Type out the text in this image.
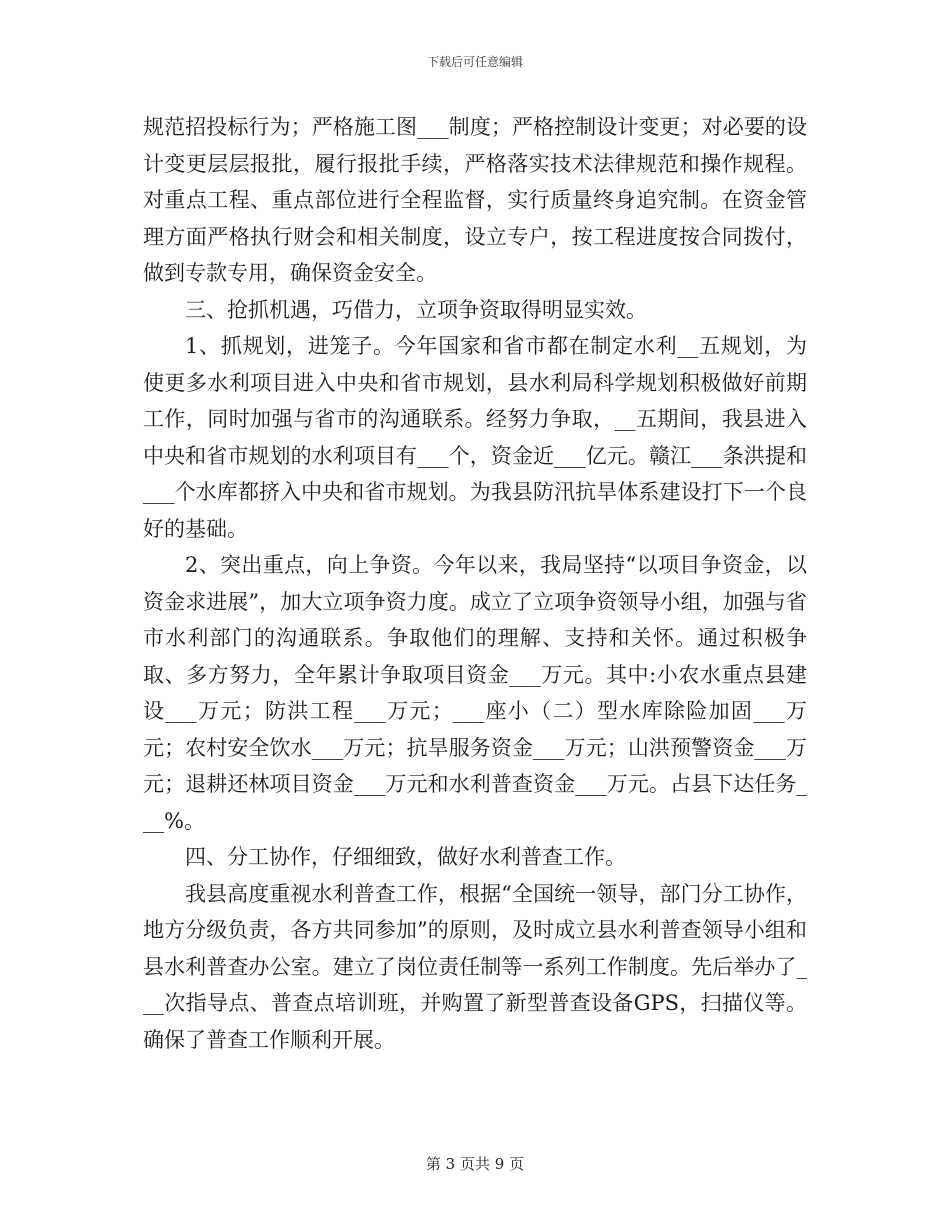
下载后可任意编辑

规范招投标行为；严格施工图___制度；严格控制设计变更；对必要的设计变更层层报批，履行报批手续，严格落实技术法律规范和操作规程。对重点工程、重点部位进行全程监督，实行质量终身追究制。在资金管理方面严格执行财会和相关制度，设立专户，按工程进度按合同拨付，做到专款专用，确保资金安全。

三、抢抓机遇，巧借力，立项争资取得明显实效。

1、抓规划，进笼子。今年国家和省市都在制定水利__五规划，为使更多水利项目进入中央和省市规划，县水利局科学规划积极做好前期工作，同时加强与省市的沟通联系。经努力争取，__五期间，我县进入中央和省市规划的水利项目有___个，资金近___亿元。赣江___条洪提和___个水库都挤入中央和省市规划。为我县防汛抗旱体系建设打下一个良好的基础。

2、突出重点，向上争资。今年以来，我局坚持“以项目争资金，以资金求进展”，加大立项争资力度。成立了立项争资领导小组，加强与省市水利部门的沟通联系。争取他们的理解、支持和关怀。通过积极争取、多方努力，全年累计争取项目资金___万元。其中:小农水重点县建设___万元；防洪工程___万元；___座小（二）型水库除险加固___万元；农村安全饮水___万元；抗旱服务资金___万元；山洪预警资金___万元；退耕还林项目资金___万元和水利普查资金___万元。占县下达任务___%。

四、分工协作，仔细细致，做好水利普查工作。

我县高度重视水利普查工作，根据“全国统一领导，部门分工协作，地方分级负责，各方共同参加”的原则，及时成立县水利普查领导小组和县水利普查办公室。建立了岗位责任制等一系列工作制度。先后举办了___次指导点、普查点培训班，并购置了新型普查设备GPS，扫描仪等。确保了普查工作顺利开展。

第 3 页共 9 页
